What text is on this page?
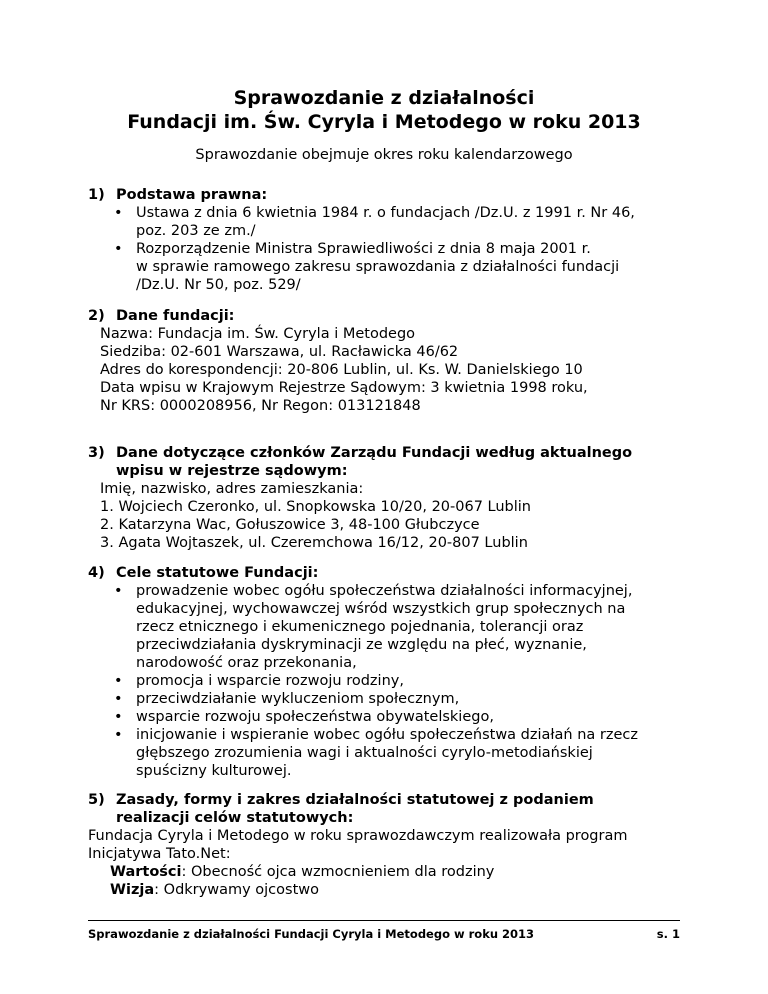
Sprawozdanie z działalności
Fundacji im. Św. Cyryla i Metodego w roku 2013
Sprawozdanie obejmuje okres roku kalendarzowego
1) Podstawa prawna:
• Ustawa z dnia 6 kwietnia 1984 r. o fundacjach /Dz.U. z 1991 r. Nr 46,
poz. 203 ze zm./
• Rozporządzenie Ministra Sprawiedliwości z dnia 8 maja 2001 r.
w sprawie ramowego zakresu sprawozdania z działalności fundacji
/Dz.U. Nr 50, poz. 529/
2) Dane fundacji:
Nazwa: Fundacja im. Św. Cyryla i Metodego
Siedziba: 02-601 Warszawa, ul. Racławicka 46/62
Adres do korespondencji: 20-806 Lublin, ul. Ks. W. Danielskiego 10
Data wpisu w Krajowym Rejestrze Sądowym: 3 kwietnia 1998 roku,
Nr KRS: 0000208956, Nr Regon: 013121848
3) Dane dotyczące członków Zarządu Fundacji według aktualnego
wpisu w rejestrze sądowym:
Imię, nazwisko, adres zamieszkania:
1. Wojciech Czeronko, ul. Snopkowska 10/20, 20-067 Lublin
2. Katarzyna Wac, Gołuszowice 3, 48-100 Głubczyce
3. Agata Wojtaszek, ul. Czeremchowa 16/12, 20-807 Lublin
4) Cele statutowe Fundacji:
• prowadzenie wobec ogółu społeczeństwa działalności informacyjnej,
edukacyjnej, wychowawczej wśród wszystkich grup społecznych na
rzecz etnicznego i ekumenicznego pojednania, tolerancji oraz
przeciwdziałania dyskryminacji ze względu na płeć, wyznanie,
narodowość oraz przekonania,
• promocja i wsparcie rozwoju rodziny,
• przeciwdziałanie wykluczeniom społecznym,
• wsparcie rozwoju społeczeństwa obywatelskiego,
• inicjowanie i wspieranie wobec ogółu społeczeństwa działań na rzecz
głębszego zrozumienia wagi i aktualności cyrylo-metodiańskiej
spuścizny kulturowej.
5) Zasady, formy i zakres działalności statutowej z podaniem
realizacji celów statutowych:
Fundacja Cyryla i Metodego w roku sprawozdawczym realizowała program
Inicjatywa Tato.Net:
Wartości: Obecność ojca wzmocnieniem dla rodziny
Wizja: Odkrywamy ojcostwo
Sprawozdanie z działalności Fundacji Cyryla i Metodego w roku 2013	s. 1
